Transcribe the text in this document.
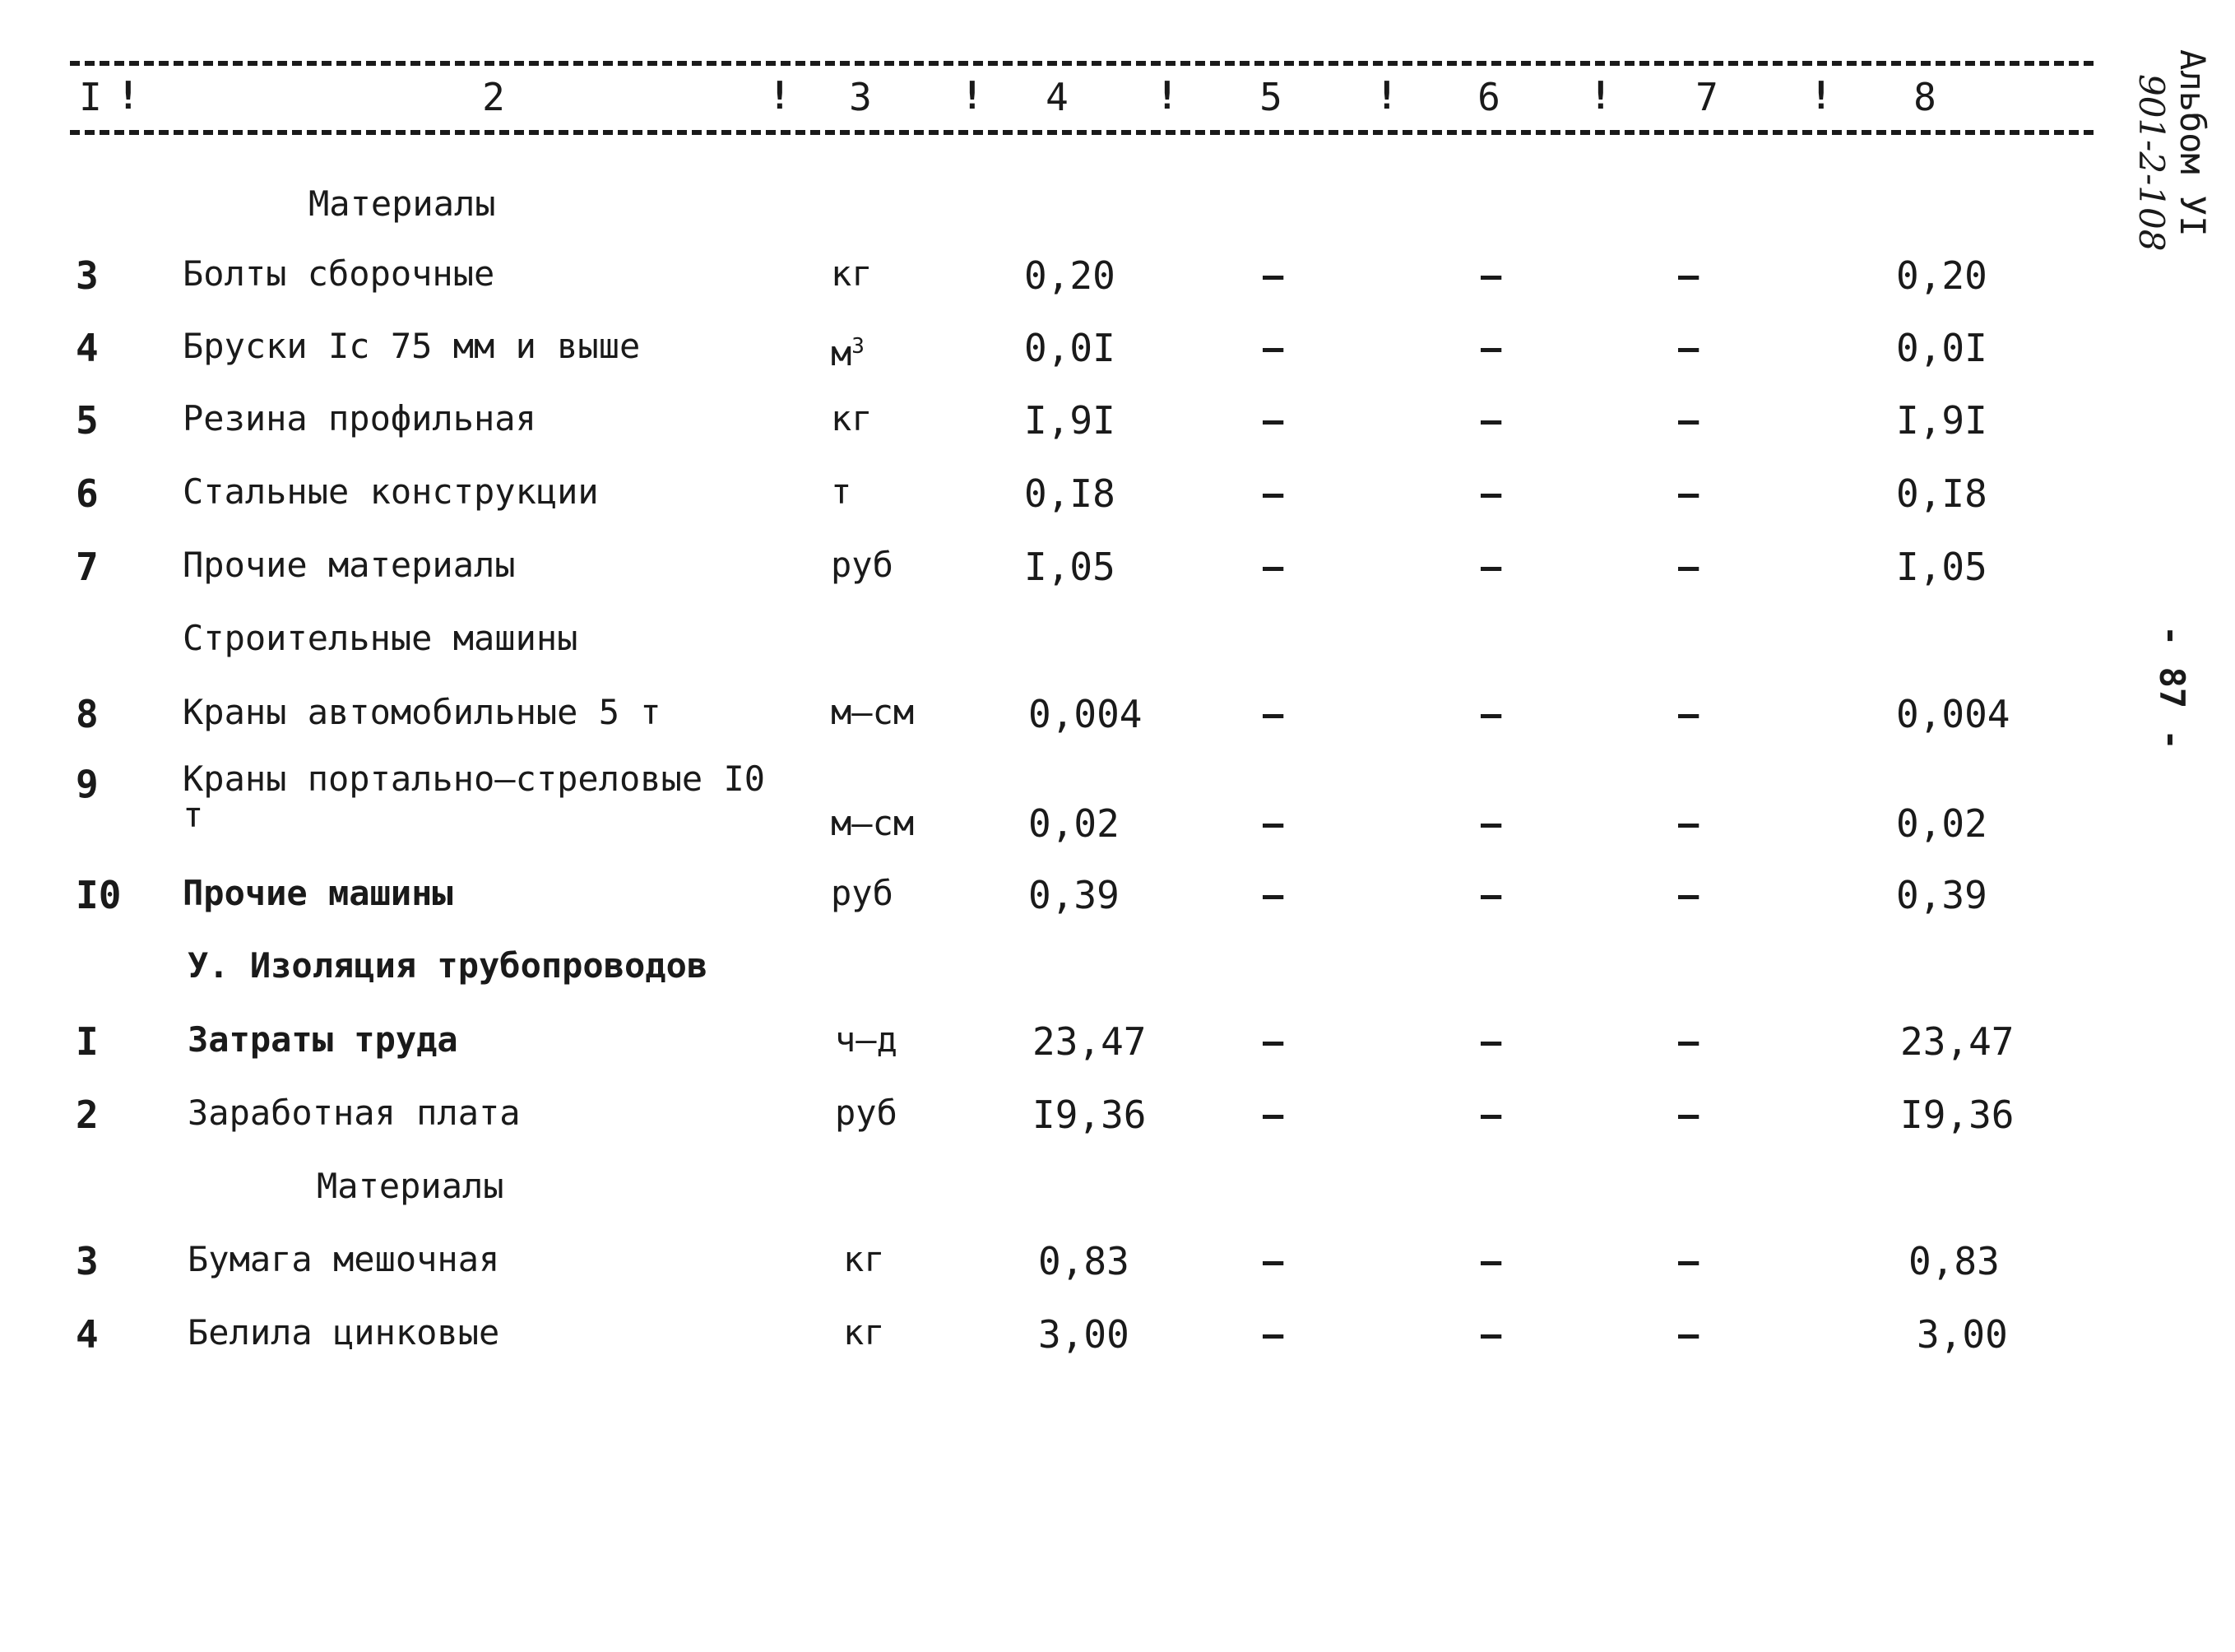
I !	2 !	3 !	4 !	5 !	6 !	7 !	8
Материалы
3 Болты сборочные	кг	0,20	–	–	–	0,20
4 Бруски Iс 75 мм и выше	$м^3$	0,0I	–	–	–	0,0I
5 Резина профильная	кг	I,9I	–	–	–	I,9I
6 Стальные конструкции	т	0,I8	–	–	–	0,I8
7 Прочие материалы	руб	I,05	–	–	–	I,05
Строительные машины
8 Краны автомобильные 5 т	м–см	0,004	–	–	–	0,004
9 Краны портально–стреловые I0 т	м–см	0,02	–	–	–	0,02
I0 Прочие машины	руб	0,39	–	–	–	0,39
У. Изоляция трубопроводов
I	Затраты труда	ч–д	23,47	–	–	–	23,47
2	Заработная плата	руб	I9,36	–	–	–	I9,36
Материалы
3	Бумага мешочная	кг	0,83	–	–	–	0,83
4	Белила цинковые	кг	3,00	–	–	–	3,00
Альбом УI
901-2-108
- 87 -
